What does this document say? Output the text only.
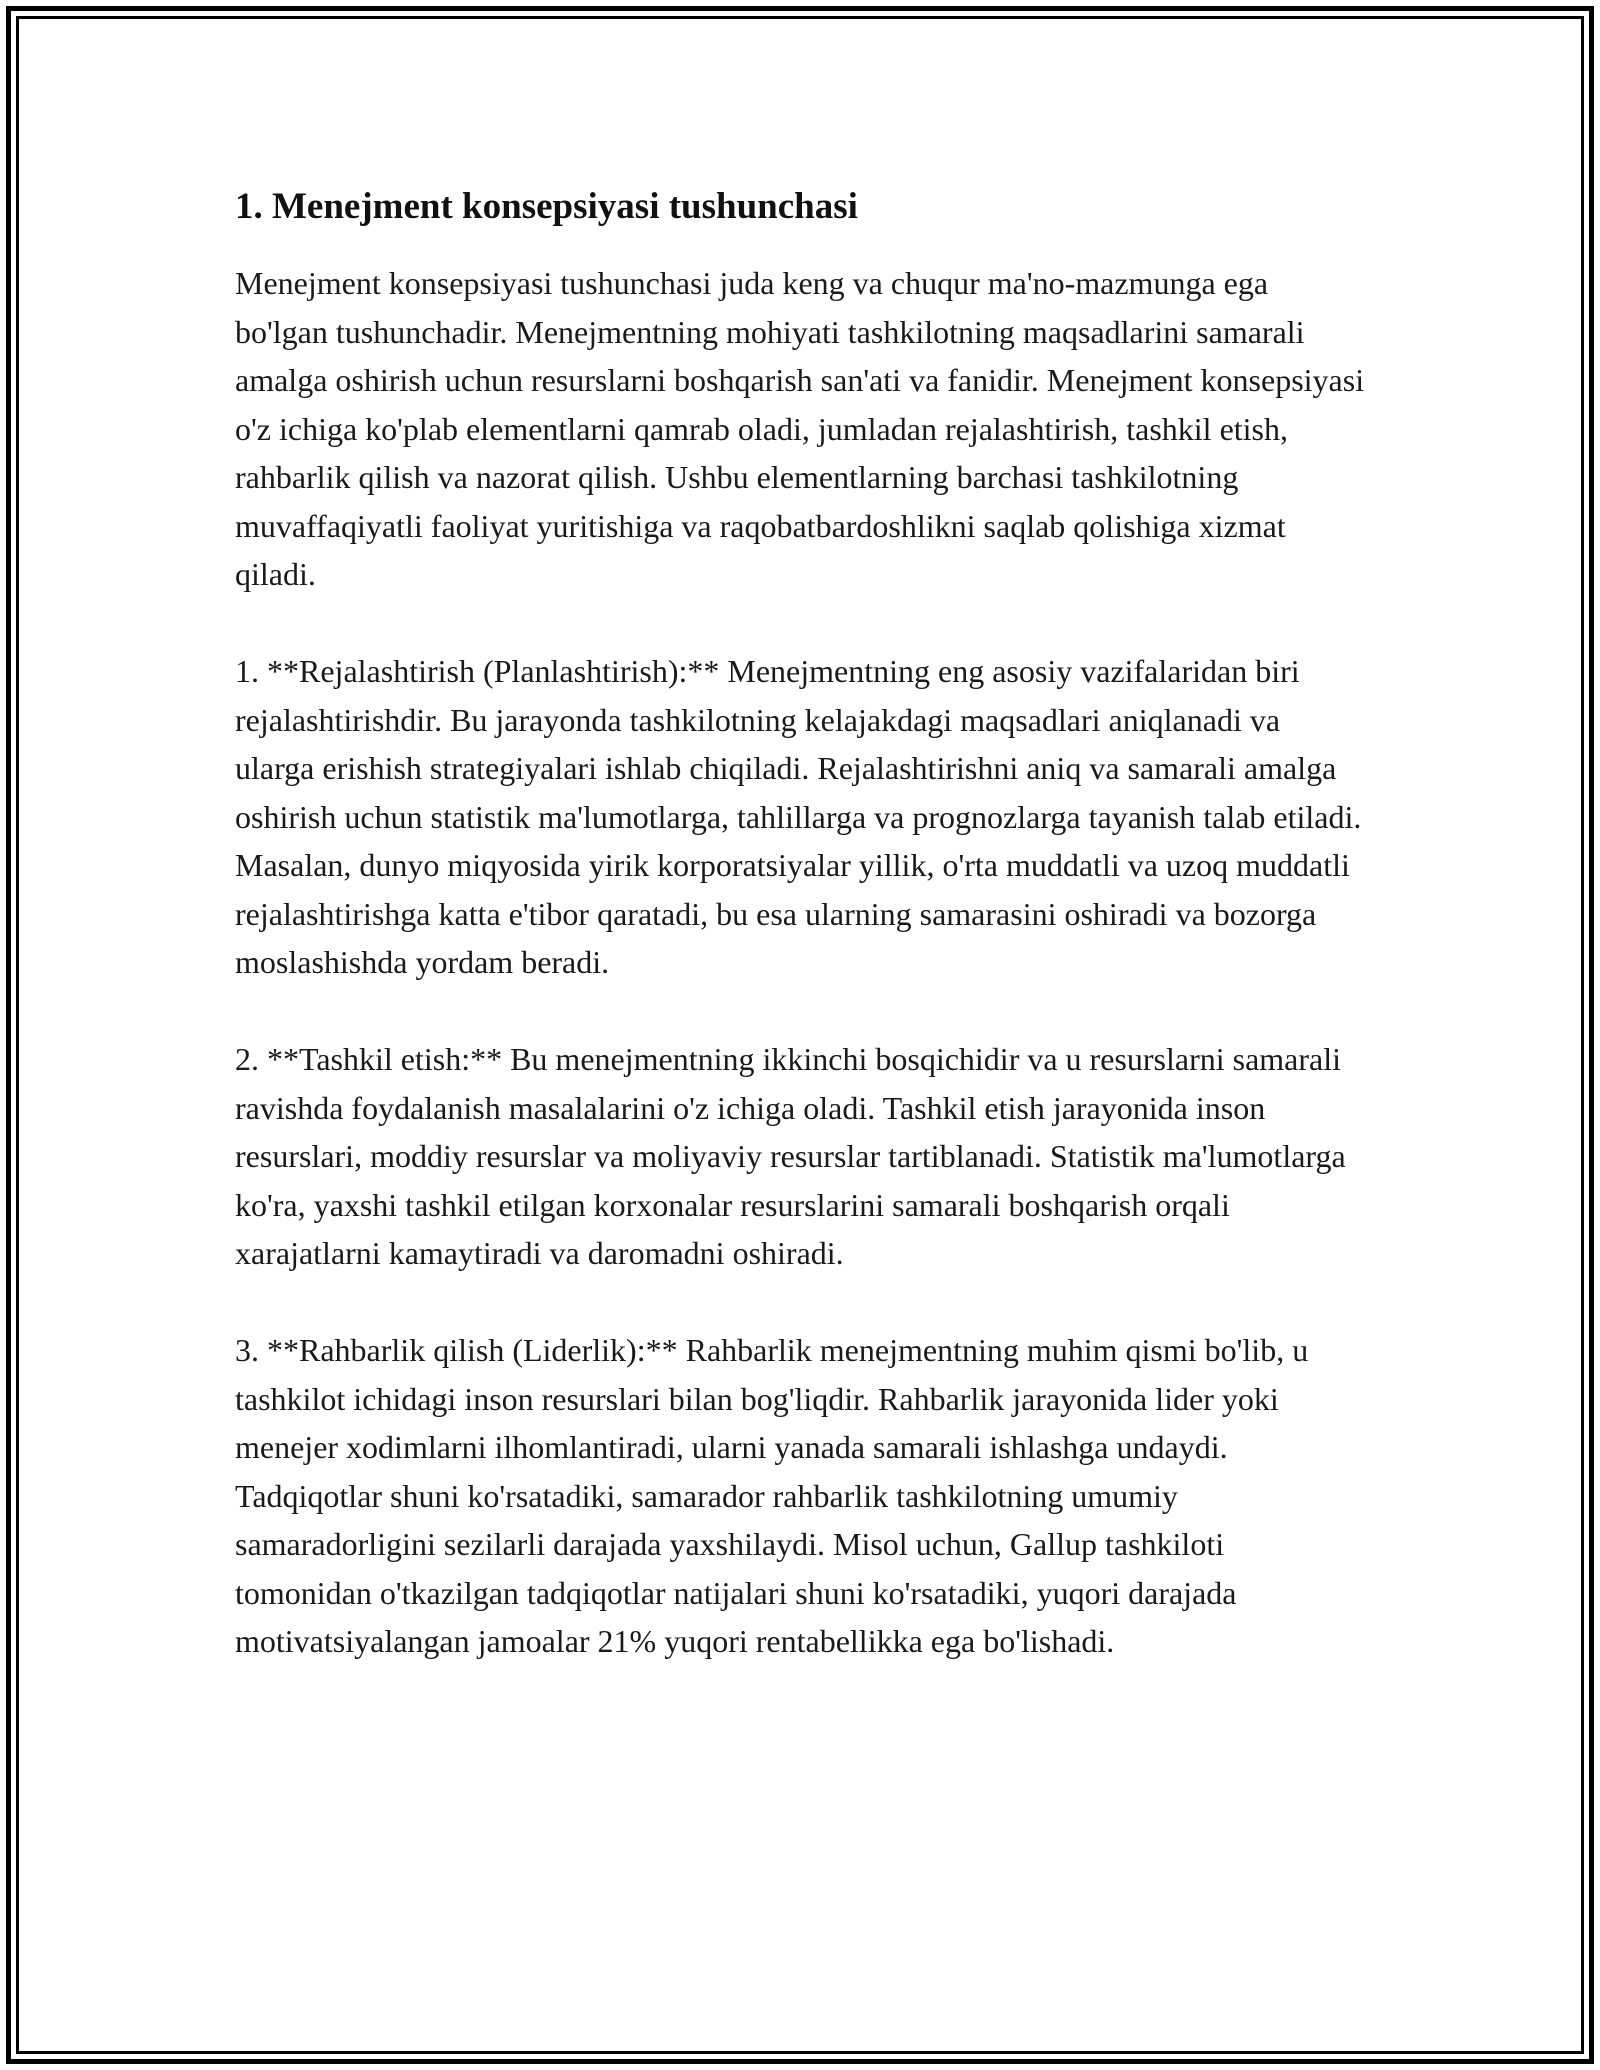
1. Menejment konsepsiyasi tushunchasi

Menejment konsepsiyasi tushunchasi juda keng va chuqur ma'no-mazmunga ega bo'lgan tushunchadir. Menejmentning mohiyati tashkilotning maqsadlarini samarali amalga oshirish uchun resurslarni boshqarish san'ati va fanidir. Menejment konsepsiyasi o'z ichiga ko'plab elementlarni qamrab oladi, jumladan rejalashtirish, tashkil etish, rahbarlik qilish va nazorat qilish. Ushbu elementlarning barchasi tashkilotning muvaffaqiyatli faoliyat yuritishiga va raqobatbardoshlikni saqlab qolishiga xizmat qiladi.

1. **Rejalashtirish (Planlashtirish):** Menejmentning eng asosiy vazifalaridan biri rejalashtirishdir. Bu jarayonda tashkilotning kelajakdagi maqsadlari aniqlanadi va ularga erishish strategiyalari ishlab chiqiladi. Rejalashtirishni aniq va samarali amalga oshirish uchun statistik ma'lumotlarga, tahlillarga va prognozlarga tayanish talab etiladi. Masalan, dunyo miqyosida yirik korporatsiyalar yillik, o'rta muddatli va uzoq muddatli rejalashtirishga katta e'tibor qaratadi, bu esa ularning samarasini oshiradi va bozorga moslashishda yordam beradi.

2. **Tashkil etish:** Bu menejmentning ikkinchi bosqichidir va u resurslarni samarali ravishda foydalanish masalalarini o'z ichiga oladi. Tashkil etish jarayonida inson resurslari, moddiy resurslar va moliyaviy resurslar tartiblanadi. Statistik ma'lumotlarga ko'ra, yaxshi tashkil etilgan korxonalar resurslarini samarali boshqarish orqali xarajatlarni kamaytiradi va daromadni oshiradi.

3. **Rahbarlik qilish (Liderlik):** Rahbarlik menejmentning muhim qismi bo'lib, u tashkilot ichidagi inson resurslari bilan bog'liqdir. Rahbarlik jarayonida lider yoki menejer xodimlarni ilhomlantiradi, ularni yanada samarali ishlashga undaydi. Tadqiqotlar shuni ko'rsatadiki, samarador rahbarlik tashkilotning umumiy samaradorligini sezilarli darajada yaxshilaydi. Misol uchun, Gallup tashkiloti tomonidan o'tkazilgan tadqiqotlar natijalari shuni ko'rsatadiki, yuqori darajada motivatsiyalangan jamoalar 21% yuqori rentabellikka ega bo'lishadi.
